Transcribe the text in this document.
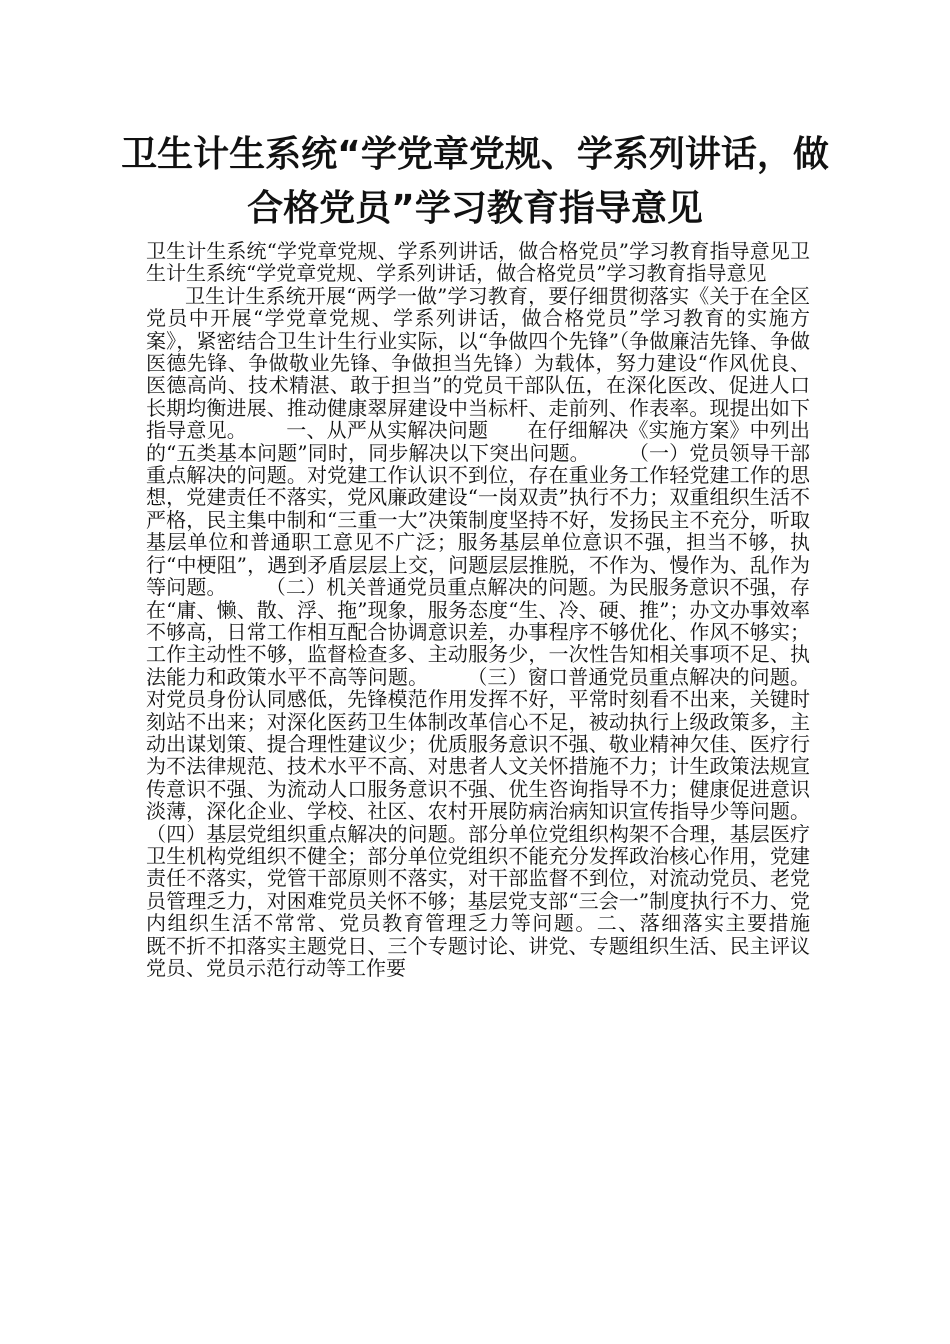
卫生计生系统“学党章党规、学系列讲话，做合格党员”学习教育指导意见

卫生计生系统“学党章党规、学系列讲话，做合格党员”学习教育指导意见卫生计生系统“学党章党规、学系列讲话，做合格党员”学习教育指导意见
卫生计生系统开展“两学一做”学习教育，要仔细贯彻落实《关于在全区党员中开展“学党章党规、学系列讲话，做合格党员”学习教育的实施方案》，紧密结合卫生计生行业实际，以“争做四个先锋”（争做廉洁先锋、争做医德先锋、争做敬业先锋、争做担当先锋）为载体，努力建设“作风优良、医德高尚、技术精湛、敢于担当”的党员干部队伍，在深化医改、促进人口长期均衡进展、推动健康翠屏建设中当标杆、走前列、作表率。现提出如下指导意见。      一、从严从实解决问题      在仔细解决《实施方案》中列出的“五类基本问题”同时，同步解决以下突出问题。      （一）党员领导干部重点解决的问题。对党建工作认识不到位，存在重业务工作轻党建工作的思想，党建责任不落实，党风廉政建设“一岗双责”执行不力；双重组织生活不严格，民主集中制和“三重一大”决策制度坚持不好，发扬民主不充分，听取基层单位和普通职工意见不广泛；服务基层单位意识不强，担当不够，执行“中梗阻”，遇到矛盾层层上交，问题层层推脱，不作为、慢作为、乱作为等问题。      （二）机关普通党员重点解决的问题。为民服务意识不强，存在“庸、懒、散、浮、拖”现象，服务态度“生、冷、硬、推”；办文办事效率不够高，日常工作相互配合协调意识差，办事程序不够优化、作风不够实；工作主动性不够，监督检查多、主动服务少，一次性告知相关事项不足、执法能力和政策水平不高等问题。      （三）窗口普通党员重点解决的问题。对党员身份认同感低，先锋模范作用发挥不好，平常时刻看不出来，关键时刻站不出来；对深化医药卫生体制改革信心不足，被动执行上级政策多，主动出谋划策、提合理性建议少；优质服务意识不强、敬业精神欠佳、医疗行为不法律规范、技术水平不高、对患者人文关怀措施不力；计生政策法规宣传意识不强、为流动人口服务意识不强、优生咨询指导不力；健康促进意识淡薄，深化企业、学校、社区、农村开展防病治病知识宣传指导少等问题。      （四）基层党组织重点解决的问题。部分单位党组织构架不合理，基层医疗卫生机构党组织不健全；部分单位党组织不能充分发挥政治核心作用，党建责任不落实，党管干部原则不落实，对干部监督不到位，对流动党员、老党员管理乏力，对困难党员关怀不够；基层党支部“三会一”制度执行不力、党内组织生活不常常、党员教育管理乏力等问题。二、落细落实主要措施      既不折不扣落实主题党日、三个专题讨论、讲党、专题组织生活、民主评议党员、党员示范行动等工作要
